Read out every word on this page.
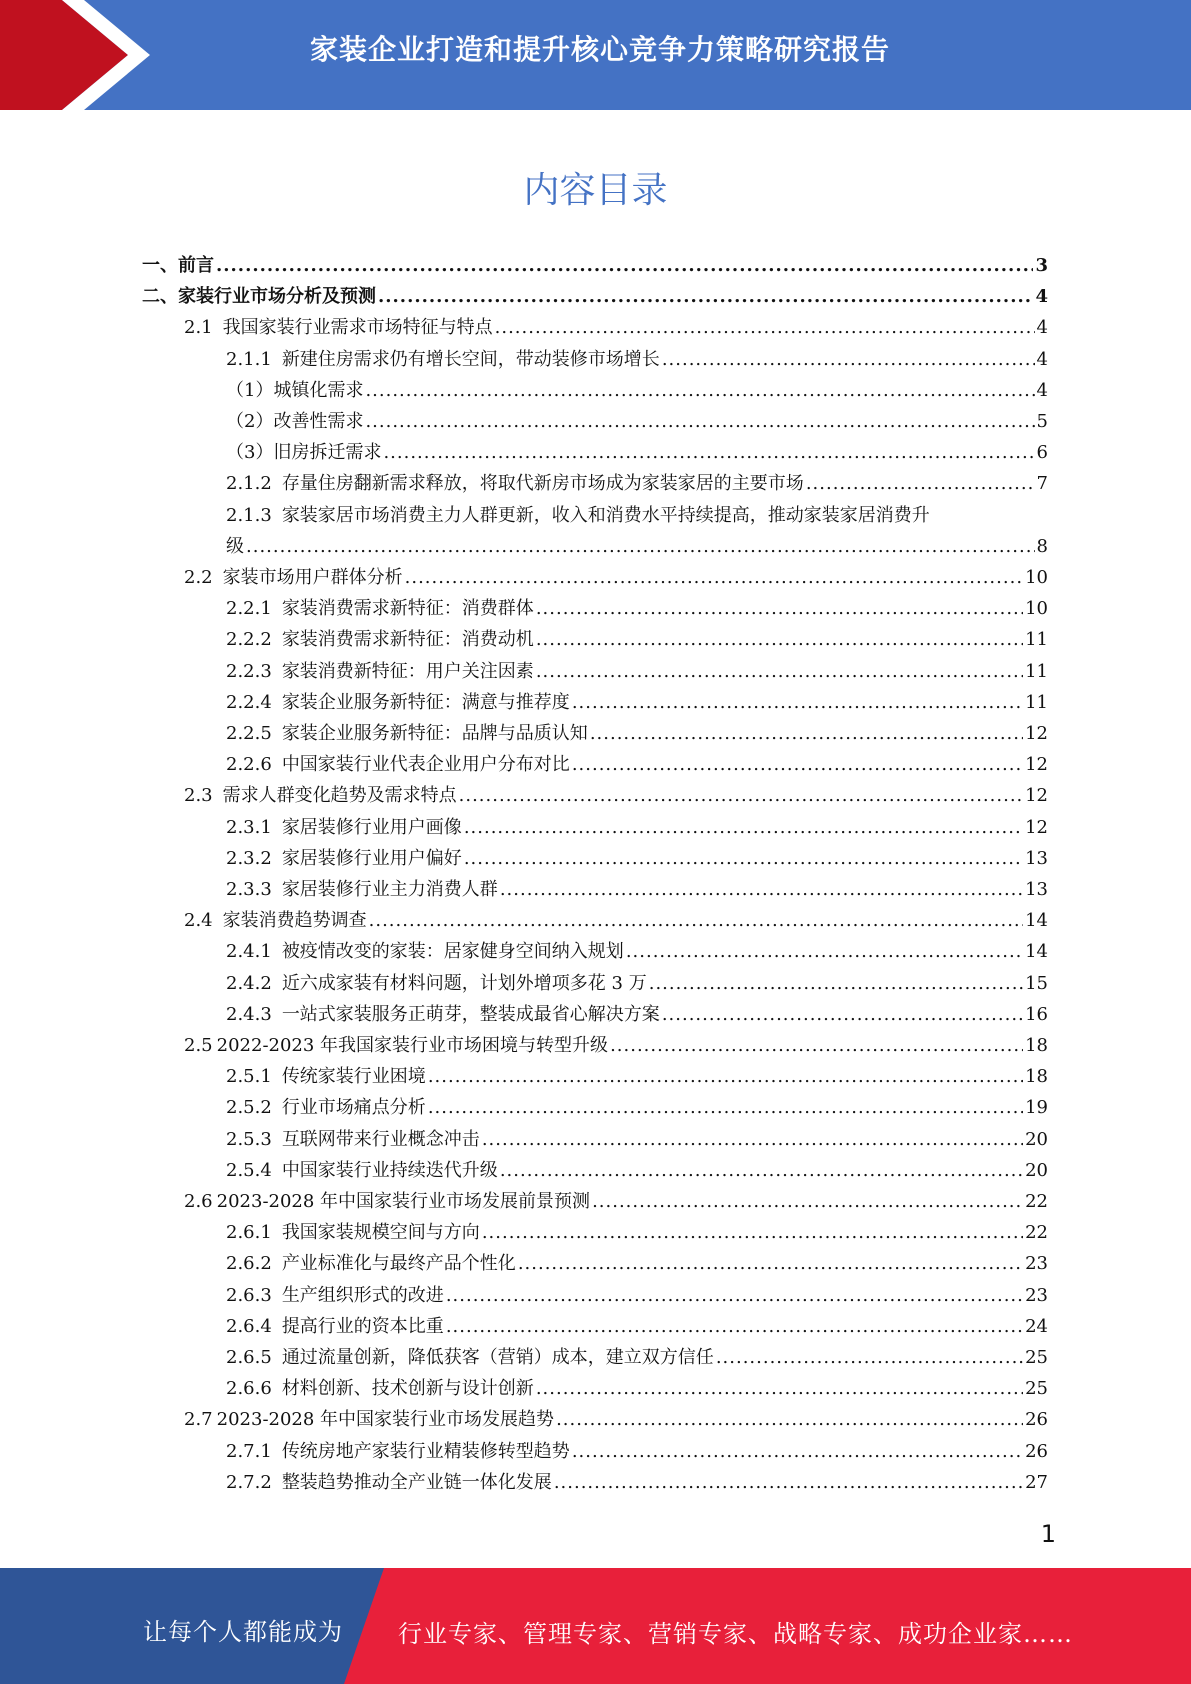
家装企业打造和提升核心竞争力策略研究报告
内容目录
一、 前言 .....	3
二、 家装行业市场分析及预测 .....	4
2.1 我国家装行业需求市场特征与特点 .....	4
2.1.1 新建住房需求仍有增长空间，带动装修市场增长 .....	4
（1） 城镇化需求 .....	4
（2） 改善性需求 .....	5
（3） 旧房拆迁需求 .....	6
2.1.2 存量住房翻新需求释放，将取代新房市场成为家装家居的主要市场 .....	7
2.1.3 家装家居市场消费主力人群更新，收入和消费水平持续提高，推动家装家居消费升
级 .....	8
2.2 家装市场用户群体分析 .....	10
2.2.1 家装消费需求新特征：消费群体 .....	10
2.2.2 家装消费需求新特征：消费动机 .....	11
2.2.3 家装消费新特征：用户关注因素 .....	11
2.2.4 家装企业服务新特征：满意与推荐度 .....	11
2.2.5 家装企业服务新特征：品牌与品质认知 .....	12
2.2.6 中国家装行业代表企业用户分布对比 .....	12
2.3 需求人群变化趋势及需求特点 .....	12
2.3.1 家居装修行业用户画像 .....	12
2.3.2 家居装修行业用户偏好 .....	13
2.3.3 家居装修行业主力消费人群 .....	13
2.4 家装消费趋势调查 .....	14
2.4.1 被疫情改变的家装：居家健身空间纳入规划 .....	14
2.4.2 近六成家装有材料问题，计划外增项多花 3 万 .....	15
2.4.3 一站式家装服务正萌芽，整装成最省心解决方案 .....	16
2.5 2022-2023 年我国家装行业市场困境与转型升级 .....	18
2.5.1 传统家装行业困境 .....	18
2.5.2 行业市场痛点分析 .....	19
2.5.3 互联网带来行业概念冲击 .....	20
2.5.4 中国家装行业持续迭代升级 .....	20
2.6 2023-2028 年中国家装行业市场发展前景预测 .....	22
2.6.1 我国家装规模空间与方向 .....	22
2.6.2 产业标准化与最终产品个性化 .....	23
2.6.3 生产组织形式的改进 .....	23
2.6.4 提高行业的资本比重 .....	24
2.6.5 通过流量创新，降低获客（营销）成本，建立双方信任 .....	25
2.6.6 材料创新、技术创新与设计创新 .....	25
2.7 2023-2028 年中国家装行业市场发展趋势 .....	26
2.7.1 传统房地产家装行业精装修转型趋势 .....	26
2.7.2 整装趋势推动全产业链一体化发展 .....	27
1
让每个人都能成为 行业专家、管理专家、营销专家、战略专家、成功企业家……
